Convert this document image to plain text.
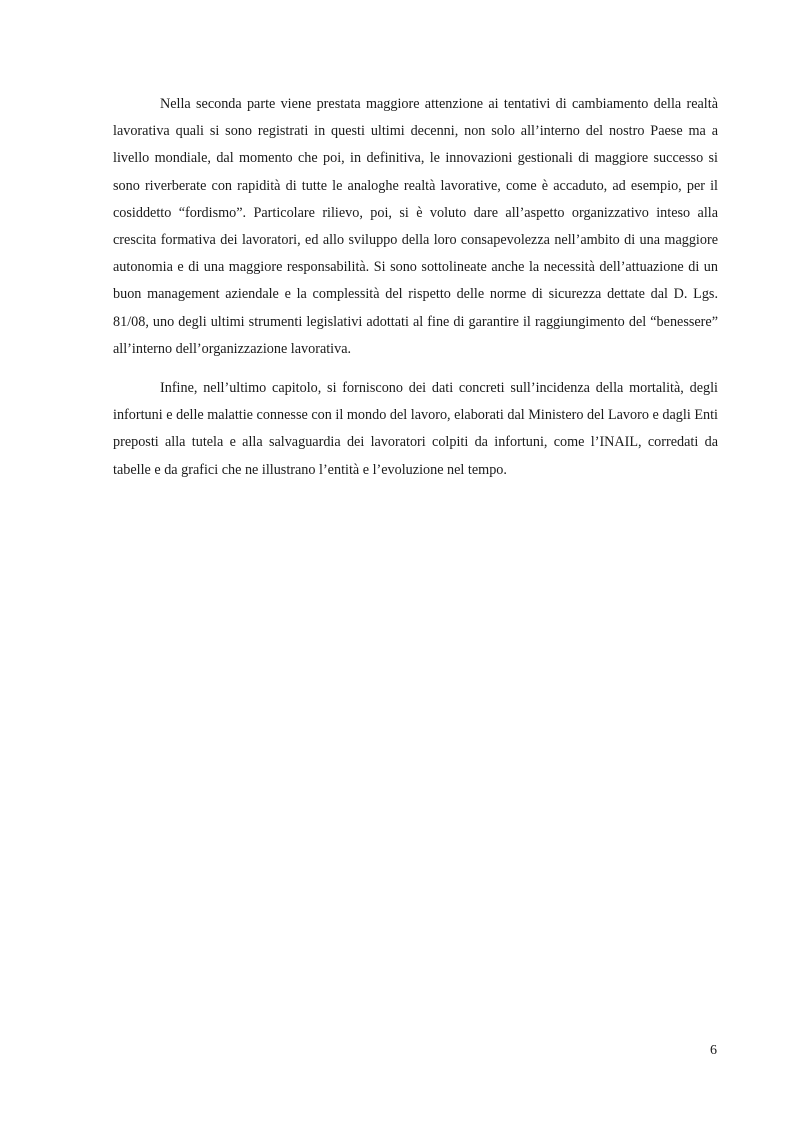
Nella seconda parte viene prestata maggiore attenzione ai tentativi di cambiamento della realtà lavorativa quali si sono registrati in questi ultimi decenni, non solo all’interno del nostro Paese ma a livello mondiale, dal momento che poi, in definitiva, le innovazioni gestionali di maggiore successo si sono riverberate con rapidità di tutte le analoghe realtà lavorative, come è accaduto, ad esempio, per il cosiddetto “fordismo”. Particolare rilievo, poi, si è voluto dare all’aspetto organizzativo inteso alla crescita formativa dei lavoratori, ed allo sviluppo della loro consapevolezza nell’ambito di una maggiore autonomia e di una maggiore responsabilità. Si sono sottolineate anche la necessità dell’attuazione di un buon management aziendale e la complessità del rispetto delle norme di sicurezza dettate dal D. Lgs. 81/08, uno degli ultimi strumenti legislativi adottati al fine di garantire il raggiungimento del “benessere” all’interno dell’organizzazione lavorativa.

Infine, nell’ultimo capitolo, si forniscono dei dati concreti sull’incidenza della mortalità, degli infortuni e delle malattie connesse con il mondo del lavoro, elaborati dal Ministero del Lavoro e dagli Enti preposti alla tutela e alla salvaguardia dei lavoratori colpiti da infortuni, come l’INAIL, corredati da tabelle e da grafici che ne illustrano l’entità e l’evoluzione nel tempo.

6
